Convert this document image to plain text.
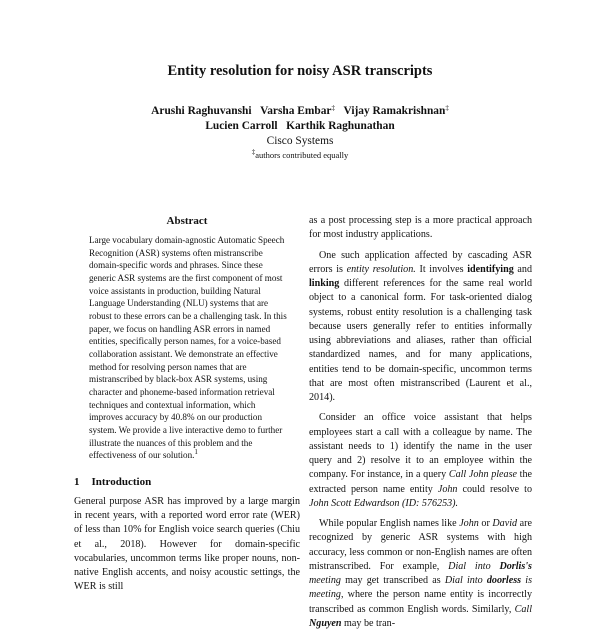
Entity resolution for noisy ASR transcripts
Arushi Raghuvanshi Varsha Embar‡ Vijay Ramakrishnan‡
Lucien Carroll Karthik Raghunathan
Cisco Systems
‡authors contributed equally
Abstract
Large vocabulary domain-agnostic Automatic Speech Recognition (ASR) systems often mistranscribe domain-specific words and phrases. Since these generic ASR systems are the first component of most voice assistants in production, building Natural Language Understanding (NLU) systems that are robust to these errors can be a challenging task. In this paper, we focus on handling ASR errors in named entities, specifically person names, for a voice-based collaboration assistant. We demonstrate an effective method for resolving person names that are mistranscribed by black-box ASR systems, using character and phoneme-based information retrieval techniques and contextual information, which improves accuracy by 40.8% on our production system. We provide a live interactive demo to further illustrate the nuances of this problem and the effectiveness of our solution.$^1$
1 Introduction

General purpose ASR has improved by a large margin in recent years, with a reported word error rate (WER) of less than 10% for English voice search queries (Chiu et al., 2018). However for domain-specific vocabularies, uncommon terms like proper nouns, non-native English accents, and noisy acoustic settings, the WER is still

as a post processing step is a more practical approach for most industry applications.

One such application affected by cascading ASR errors is entity resolution. It involves identifying and linking different references for the same real world object to a canonical form. For task-oriented dialog systems, robust entity resolution is a challenging task because users generally refer to entities informally using abbreviations and aliases, rather than official standardized names, and for many applications, entities tend to be domain-specific, uncommon terms that are most often mistranscribed (Laurent et al., 2014).

Consider an office voice assistant that helps employees start a call with a colleague by name. The assistant needs to 1) identify the name in the user query and 2) resolve it to an employee within the company. For instance, in a query Call John please the extracted person name entity John could resolve to John Scott Edwardson (ID: 576253).

While popular English names like John or David are recognized by generic ASR systems with high accuracy, less common or non-English names are often mistranscribed. For example, Dial into Dorlis's meeting may get transcribed as Dial into doorless is meeting, where the person name entity is incorrectly transcribed as common English words. Similarly, Call Nguyen may be tran-
